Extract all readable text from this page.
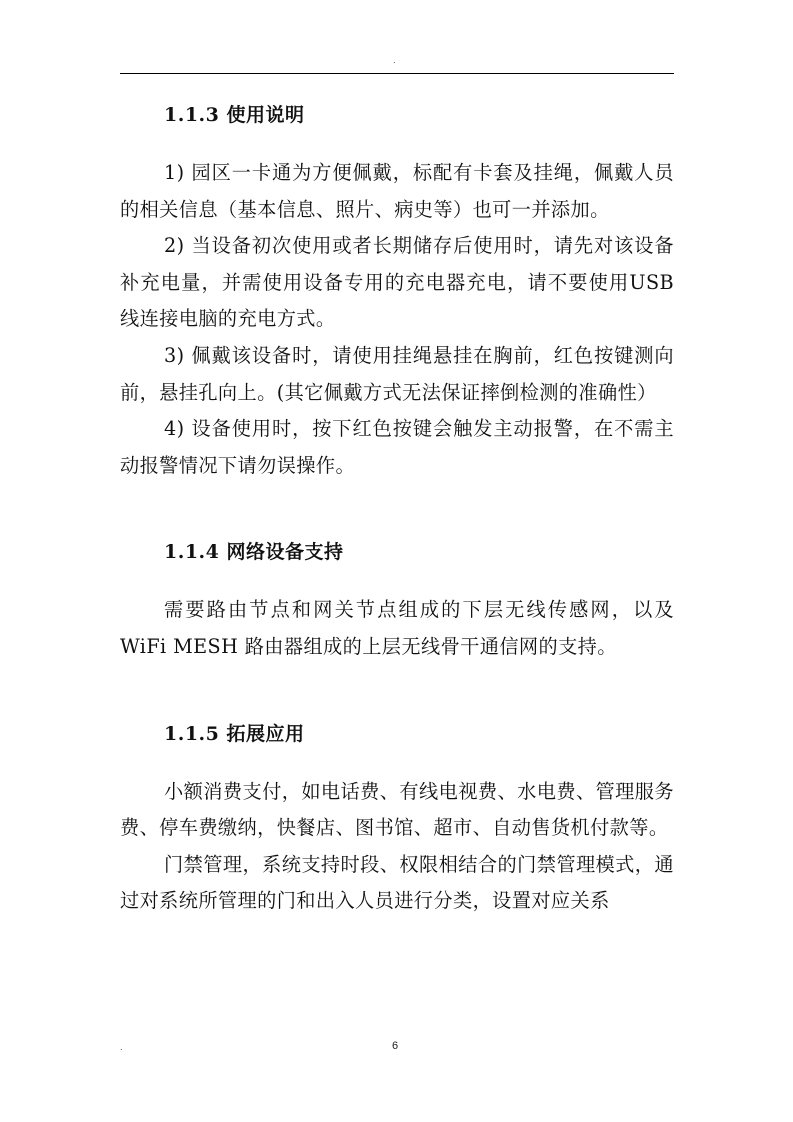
.
1.1.3 使用说明

1) 园区一卡通为方便佩戴，标配有卡套及挂绳，佩戴人员的相关信息（基本信息、照片、病史等）也可一并添加。

2) 当设备初次使用或者长期储存后使用时，请先对该设备补充电量，并需使用设备专用的充电器充电，请不要使用USB 线连接电脑的充电方式。

3) 佩戴该设备时，请使用挂绳悬挂在胸前，红色按键测向前，悬挂孔向上。(其它佩戴方式无法保证摔倒检测的准确性）

4) 设备使用时，按下红色按键会触发主动报警，在不需主动报警情况下请勿误操作。

1.1.4 网络设备支持

需要路由节点和网关节点组成的下层无线传感网，以及WiFi MESH 路由器组成的上层无线骨干通信网的支持。

1.1.5 拓展应用

小额消费支付，如电话费、有线电视费、水电费、管理服务费、停车费缴纳，快餐店、图书馆、超市、自动售货机付款等。

门禁管理，系统支持时段、权限相结合的门禁管理模式，通过对系统所管理的门和出入人员进行分类，设置对应关系

.	6
